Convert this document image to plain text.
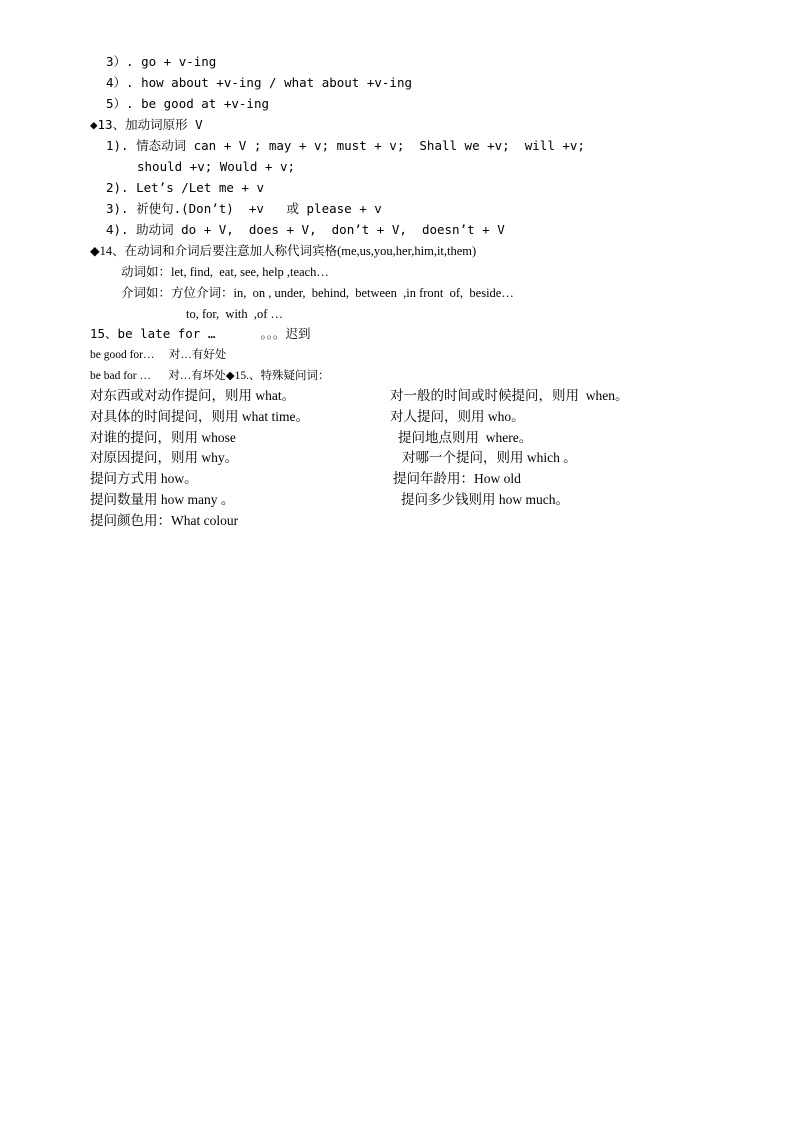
3）. go + v-ing
4）. how about +v-ing / what about +v-ing
5）. be good at +v-ing
◆13、加动词原形 V
1). 情态动词 can + V ; may + v; must + v;  Shall we +v;  will +v;
should +v; Would + v;
2). Let’s /Let me + v
3). 祈使句.(Don’t)  +v   或 please + v
4). 助动词 do + V,  does + V,  don’t + V,  doesn’t + V
◆14、在动词和介词后要注意加人称代词宾格(me,us,you,her,him,it,them)
动词如：let, find,  eat, see, help ,teach…
介词如：方位介词：in,  on , under,  behind,  between  ,in front  of,  beside…
to, for,  with  ,of …
15、be late for …      。。。迟到
be good for…     对…有好处
be bad for …      对…有坏处◆15.、特殊疑问词：
对东西或对动作提问，则用 what。	对一般的时间或时候提问，则用  when。
对具体的时间提问，则用 what time。	对人提问，则用 who。
对谁的提问，则用 whose	提问地点则用  where。
对原因提问，则用 why。	对哪一个提问，则用 which 。
提问方式用 how。	提问年龄用：How old
提问数量用 how many 。	提问多少钱则用 how much。
提问颜色用：What colour
